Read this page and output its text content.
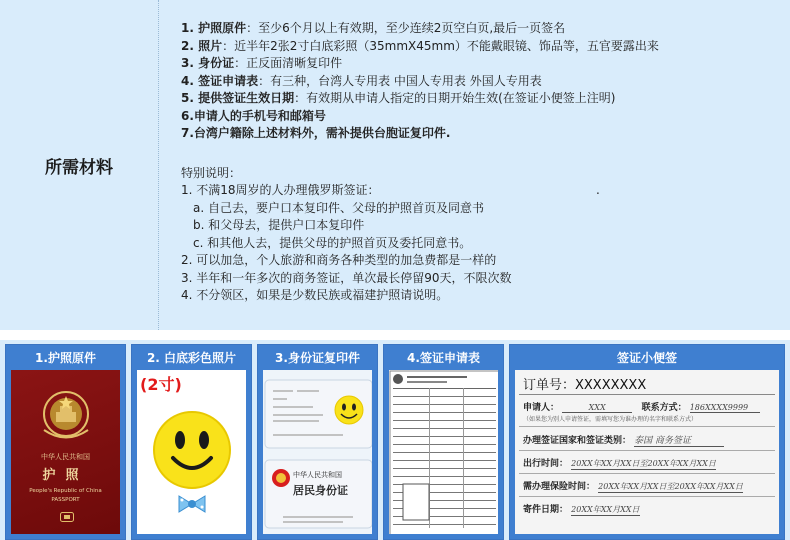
所需材料
1. 护照原件：至少6个月以上有效期，至少连续2页空白页,最后一页签名
2. 照片：近半年2张2寸白底彩照（35mmX45mm）不能戴眼镜、饰品等，五官要露出来
3. 身份证：正反面清晰复印件
4. 签证申请表：有三种，台湾人专用表 中国人专用表 外国人专用表
5. 提供签证生效日期：有效期从申请人指定的日期开始生效(在签证小便签上注明)
6.申请人的手机号和邮箱号
7.台湾户籍除上述材料外，需补提供台胞证复印件.
特别说明：
1. 不满18周岁的人办理俄罗斯签证：	.
a. 自己去，要户口本复印件、父母的护照首页及同意书
b. 和父母去，提供户口本复印件
c. 和其他人去，提供父母的护照首页及委托同意书。
2. 可以加急，个人旅游和商务各种类型的加急费都是一样的
3. 半年和一年多次的商务签证，单次最长停留90天，不限次数
4. 不分领区，如果是少数民族或福建护照请说明。
1.护照原件
中华人民共和国
护照
People's Republic of China
PASSPORT
2. 白底彩色照片
(2寸)
3.身份证复印件
中华人民共和国
居民身份证
4.签证申请表	签证小便签
订单号：XXXXXXXX
申请人：	XXX	联系方式： 186XXXX9999
（如果您为别人申请签证，需填写您为谁办理的名字和联系方式）
办理签证国家和签证类别： 泰国 商务签证
出行时间： 20XX年XX月XX日至20XX年XX月XX日
需办理保险时间： 20XX年XX月XX日至20XX年XX月XX日
寄件日期： 20XX年XX月XX日
